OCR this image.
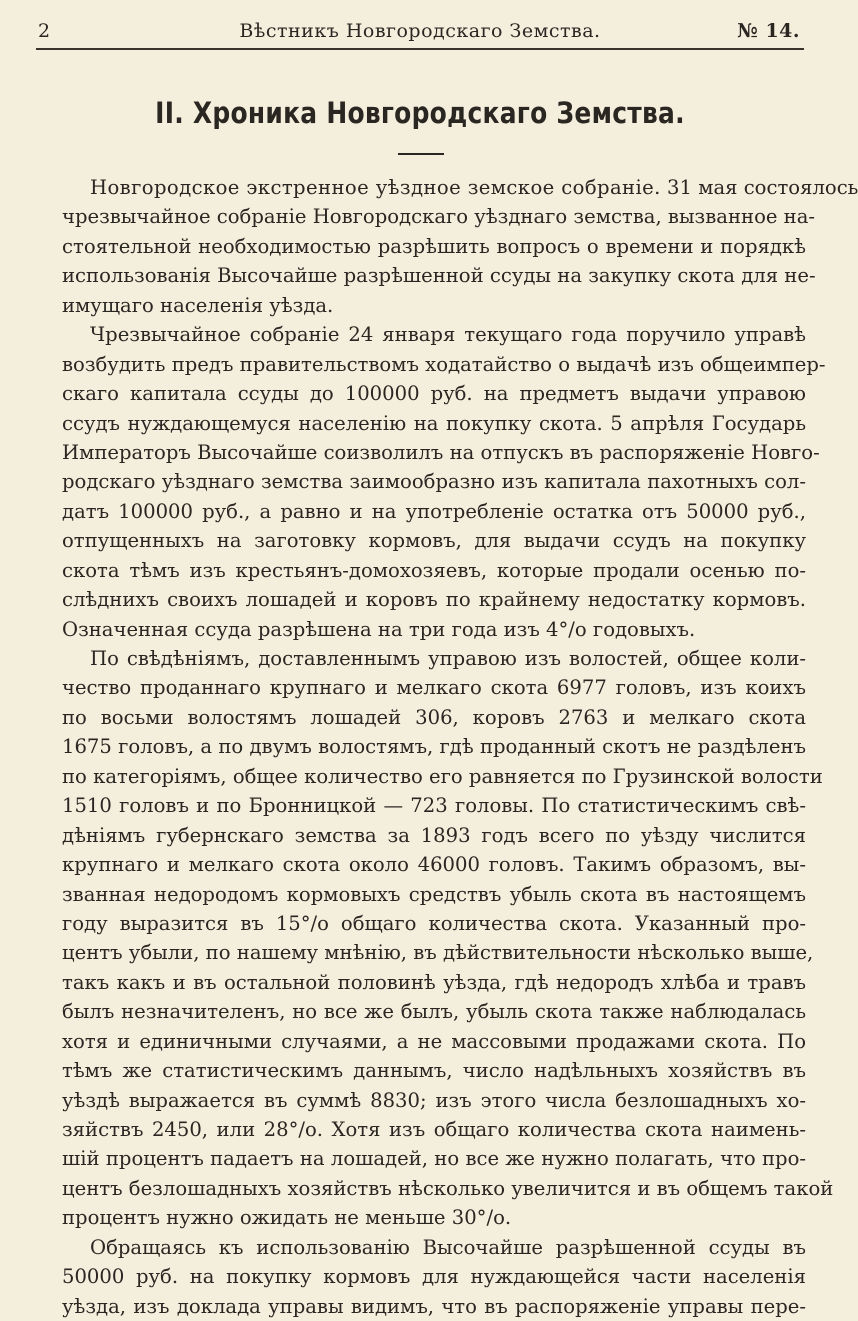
2	Вѣстникъ Новгородскаго Земства.	№ 14.
II. Хроника Новгородскаго Земства.
Новгородское экстренное уѣздное земское собраніе. 31 мая состоялось
чрезвычайное собраніе Новгородскаго уѣзднаго земства, вызванное на-
стоятельной необходимостью разрѣшить вопросъ о времени и порядкѣ
использованія Высочайше разрѣшенной ссуды на закупку скота для не-
имущаго населенія уѣзда.
Чрезвычайное собраніе 24 января текущаго года поручило управѣ
возбудить предъ правительствомъ ходатайство о выдачѣ изъ общеимпер-
скаго капитала ссуды до 100000 руб. на предметъ выдачи управою
ссудъ нуждающемуся населенію на покупку скота. 5 апрѣля Государь
Императоръ Высочайше соизволилъ на отпускъ въ распоряженіе Новго-
родскаго уѣзднаго земства заимообразно изъ капитала пахотныхъ сол-
датъ 100000 руб., а равно и на употребленіе остатка отъ 50000 руб.,
отпущенныхъ на заготовку кормовъ, для выдачи ссудъ на покупку
скота тѣмъ изъ крестьянъ-домохозяевъ, которые продали осенью по-
слѣднихъ своихъ лошадей и коровъ по крайнему недостатку кормовъ.
Означенная ссуда разрѣшена на три года изъ 4°/о годовыхъ.
По свѣдѣніямъ, доставленнымъ управою изъ волостей, общее коли-
чество проданнаго крупнаго и мелкаго скота 6977 головъ, изъ коихъ
по восьми волостямъ лошадей 306, коровъ 2763 и мелкаго скота
1675 головъ, а по двумъ волостямъ, гдѣ проданный скотъ не раздѣленъ
по категоріямъ, общее количество его равняется по Грузинской волости
1510 головъ и по Бронницкой — 723 головы. По статистическимъ свѣ-
дѣніямъ губернскаго земства за 1893 годъ всего по уѣзду числится
крупнаго и мелкаго скота около 46000 головъ. Такимъ образомъ, вы-
званная недородомъ кормовыхъ средствъ убыль скота въ настоящемъ
году выразится въ 15°/о общаго количества скота. Указанный про-
центъ убыли, по нашему мнѣнію, въ дѣйствительности нѣсколько выше,
такъ какъ и въ остальной половинѣ уѣзда, гдѣ недородъ хлѣба и травъ
былъ незначителенъ, но все же былъ, убыль скота также наблюдалась
хотя и единичными случаями, а не массовыми продажами скота. По
тѣмъ же статистическимъ даннымъ, число надѣльныхъ хозяйствъ въ
уѣздѣ выражается въ суммѣ 8830; изъ этого числа безлошадныхъ хо-
зяйствъ 2450, или 28°/о. Хотя изъ общаго количества скота наимень-
шій процентъ падаетъ на лошадей, но все же нужно полагать, что про-
центъ безлошадныхъ хозяйствъ нѣсколько увеличится и въ общемъ такой
процентъ нужно ожидать не меньше 30°/о.
Обращаясь къ использованію Высочайше разрѣшенной ссуды въ
50000 руб. на покупку кормовъ для нуждающейся части населенія
уѣзда, изъ доклада управы видимъ, что въ распоряженіе управы пере-
